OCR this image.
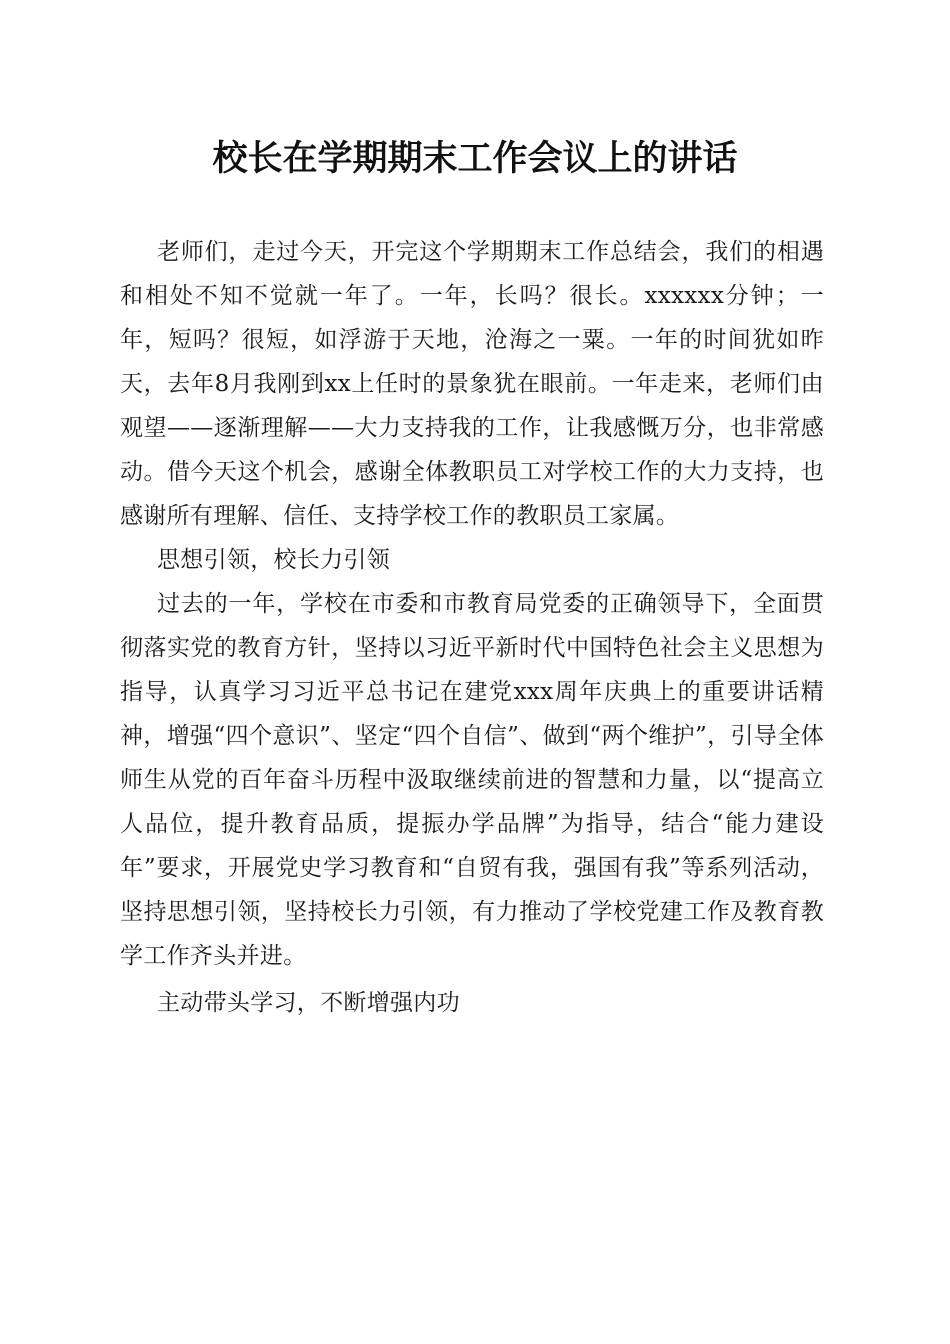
校长在学期期末工作会议上的讲话

老师们，走过今天，开完这个学期期末工作总结会，我们的相遇和相处不知不觉就一年了。一年，长吗？很长。xxxxxx分钟；一年，短吗？很短，如浮游于天地，沧海之一粟。一年的时间犹如昨天，去年8月我刚到xx上任时的景象犹在眼前。一年走来，老师们由观望——逐渐理解——大力支持我的工作，让我感慨万分，也非常感动。借今天这个机会，感谢全体教职员工对学校工作的大力支持，也感谢所有理解、信任、支持学校工作的教职员工家属。

思想引领，校长力引领

过去的一年，学校在市委和市教育局党委的正确领导下，全面贯彻落实党的教育方针，坚持以习近平新时代中国特色社会主义思想为指导，认真学习习近平总书记在建党xxx周年庆典上的重要讲话精神，增强“四个意识”、坚定“四个自信”、做到“两个维护”，引导全体师生从党的百年奋斗历程中汲取继续前进的智慧和力量，以“提高立人品位，提升教育品质，提振办学品牌”为指导，结合“能力建设年”要求，开展党史学习教育和“自贸有我，强国有我”等系列活动，坚持思想引领，坚持校长力引领，有力推动了学校党建工作及教育教学工作齐头并进。

主动带头学习，不断增强内功
